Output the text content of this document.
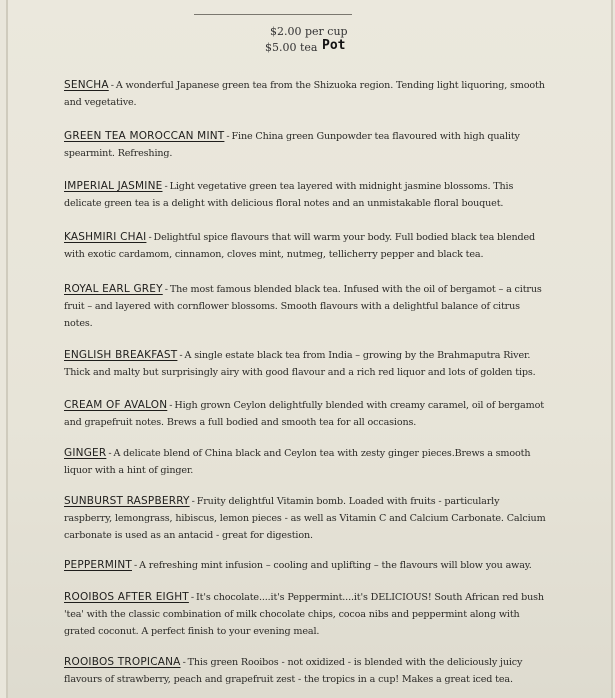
$2.00 per cup
$5.00 tea Pot
SENCHA - A wonderful Japanese green tea from the Shizuoka region. Tending light liquoring, smooth and vegetative.
GREEN TEA MOROCCAN MINT - Fine China green Gunpowder tea flavoured with high quality spearmint. Refreshing.
IMPERIAL JASMINE - Light vegetative green tea layered with midnight jasmine blossoms. This delicate green tea is a delight with delicious floral notes and an unmistakable floral bouquet.
KASHMIRI CHAI - Delightful spice flavours that will warm your body. Full bodied black tea blended with exotic cardamom, cinnamon, cloves mint, nutmeg, tellicherry pepper and black tea.
ROYAL EARL GREY - The most famous blended black tea. Infused with the oil of bergamot – a citrus fruit – and layered with cornflower blossoms. Smooth flavours with a delightful balance of citrus notes.
ENGLISH BREAKFAST - A single estate black tea from India – growing by the Brahmaputra River. Thick and malty but surprisingly airy with good flavour and a rich red liquor and lots of golden tips.
CREAM OF AVALON - High grown Ceylon delightfully blended with creamy caramel, oil of bergamot and grapefruit notes. Brews a full bodied and smooth tea for all occasions.
GINGER - A delicate blend of China black and Ceylon tea with zesty ginger pieces.Brews a smooth liquor with a hint of ginger.
SUNBURST RASPBERRY - Fruity delightful Vitamin bomb. Loaded with fruits - particularly raspberry, lemongrass, hibiscus, lemon pieces - as well as Vitamin C and Calcium Carbonate. Calcium carbonate is used as an antacid - great for digestion.
PEPPERMINT - A refreshing mint infusion – cooling and uplifting – the flavours will blow you away.
ROOIBOS AFTER EIGHT - It's chocolate....it's Peppermint....it's DELICIOUS! South African red bush 'tea' with the classic combination of milk chocolate chips, cocoa nibs and peppermint along with grated coconut. A perfect finish to your evening meal.
ROOIBOS TROPICANA - This green Rooibos - not oxidized - is blended with the deliciously juicy flavours of strawberry, peach and grapefruit zest - the tropics in a cup! Makes a great iced tea.
